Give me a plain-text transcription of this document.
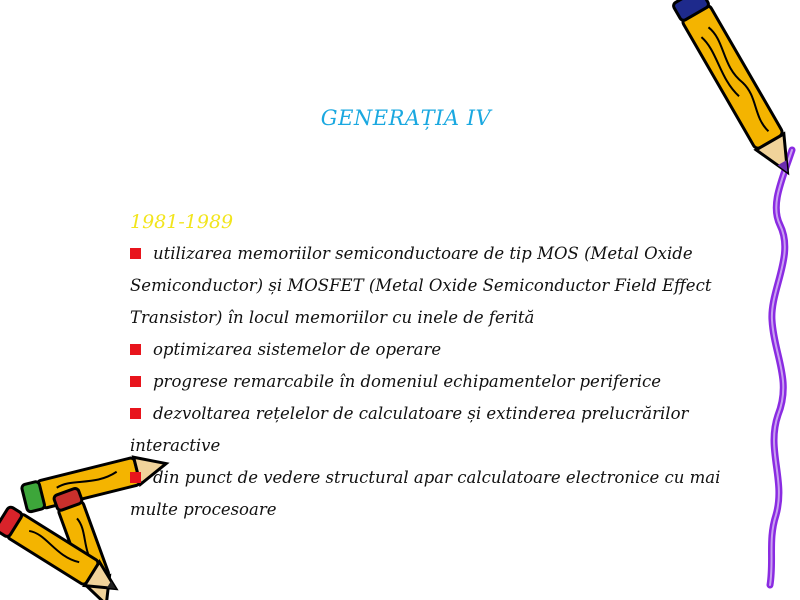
GENERAȚIA IV
1981-1989
utilizarea memoriilor semiconductoare de tip MOS (Metal Oxide
Semiconductor) și MOSFET (Metal Oxide Semiconductor Field Effect
Transistor) în locul memoriilor cu inele de ferită
optimizarea sistemelor de operare
progrese remarcabile în domeniul echipamentelor periferice
dezvoltarea rețelelor de calculatoare și extinderea prelucrărilor
interactive
din punct de vedere structural apar calculatoare electronice cu mai
multe procesoare
